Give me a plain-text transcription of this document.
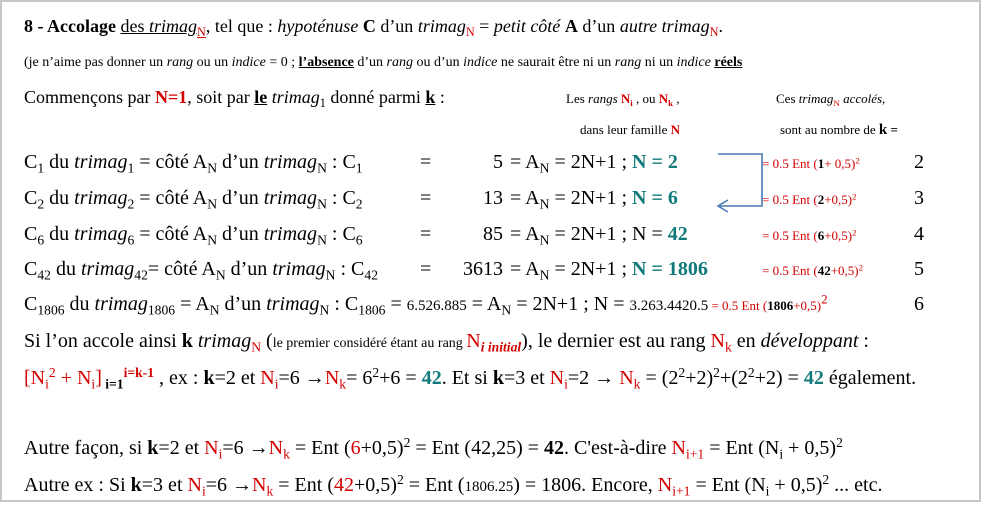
8 - Accolage des trimag$_N$, tel que : hypoténuse C d’un trimag$_N$ = petit côté A d’un autre trimag$_N$.
(je n’aime pas donner un rang ou un indice = 0 ; l’absence d’un rang ou d’un indice ne saurait être ni un rang ni un indice réels
Commençons par N=1, soit par le trimag$_1$ donné parmi k :	Les rangs $N_i$ , ou $N_k$ ,
dans leur famille N
Ces trimag$_N$ accolés,
sont au nombre de k =
$C_1$ du trimag$_1$ = côté $A_N$ d’un trimag$_N$ : $C_1$	=	$5 = A_N = 2N+1$ ; N = 2	= 0.5 Ent $(1+ 0,5)^2$	2
$C_2$ du trimag$_2$ = côté $A_N$ d’un trimag$_N$ : $C_2$	=	$13 = A_N = 2N+1$ ; N = 6	= 0.5 Ent $(2+0,5)^2$	3
$C_6$ du trimag$_6$ = côté $A_N$ d’un trimag$_N$ : $C_6$	=	$85 = A_N = 2N+1$ ; N = 42	= 0.5 Ent $(6+0,5)^2$	4
$C_{42}$ du trimag$_{42}$= côté $A_N$ d’un trimag$_N$ : $C_{42} = 3613 = A_N = 2N+1$ ; N = 1806	= 0.5 Ent $(42+0,5)^2$	5
$C_{1806}$ du trimag$_{1806}$ = $A_N$ d’un trimag$_N$ : $C_{1806} = 6.526.885 = A_N = 2N+1$ ; N = 3.263.4420.5 = 0.5 Ent $(1806+0,5)^2$	6
Si l’on accole ainsi k trimag$_N$ (le premier considéré étant au rang $N_{i initial}$), le dernier est au rang $N_k$ en développant :
$[N_i^2 + N_i]$ $_{i=1}^{i=k-1}$ , ex : k=2 et $N_i=6 \to N_k= 6^2+6 = 42$. Et si k=3 et $N_i=2 \to N_k = (2^2+2)^2+(2^2+2) = 42$ également.
Autre façon, si k=2 et $N_i=6 \to N_k$ = Ent $(6+0,5)^2$ = Ent (42,25) = 42. C'est-à-dire $N_{i+1}$ = Ent $(N_i + 0,5)^2$
Autre ex : Si k=3 et $N_i=6 \to N_k$ = Ent $(42+0,5)^2$ = Ent (1806.25) = 1806. Encore, $N_{i+1}$ = Ent $(N_i + 0,5)^2$ ... etc.
